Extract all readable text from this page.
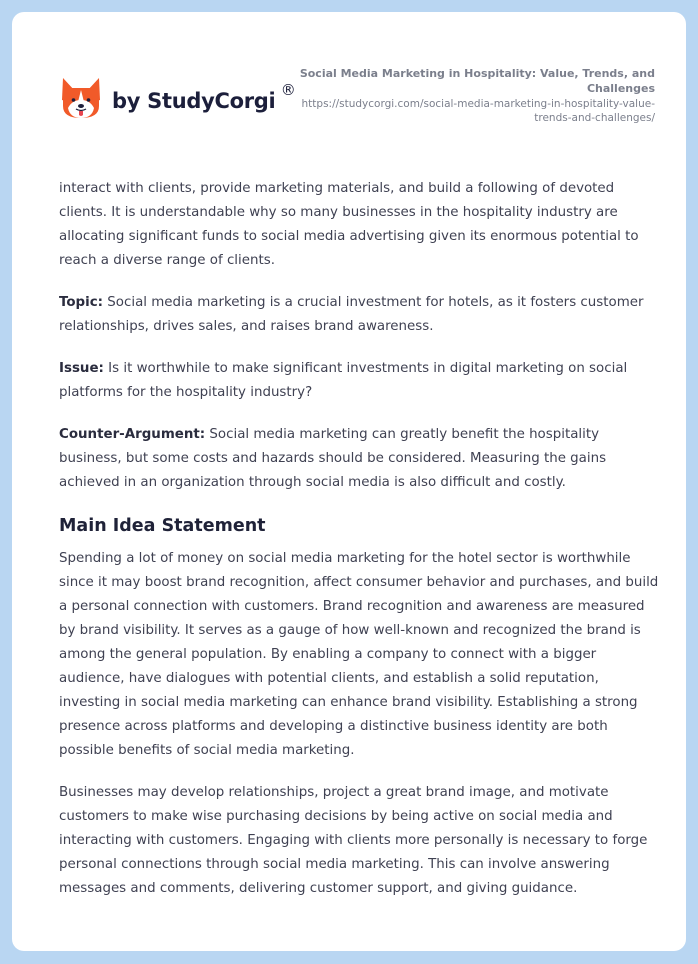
by StudyCorgi ®
Social Media Marketing in Hospitality: Value, Trends, and Challenges
https://studycorgi.com/social-media-marketing-in-hospitality-value-trends-and-challenges/

interact with clients, provide marketing materials, and build a following of devoted clients. It is understandable why so many businesses in the hospitality industry are allocating significant funds to social media advertising given its enormous potential to reach a diverse range of clients.

Topic: Social media marketing is a crucial investment for hotels, as it fosters customer relationships, drives sales, and raises brand awareness.

Issue: Is it worthwhile to make significant investments in digital marketing on social platforms for the hospitality industry?

Counter-Argument: Social media marketing can greatly benefit the hospitality business, but some costs and hazards should be considered. Measuring the gains achieved in an organization through social media is also difficult and costly.

Main Idea Statement

Spending a lot of money on social media marketing for the hotel sector is worthwhile since it may boost brand recognition, affect consumer behavior and purchases, and build a personal connection with customers. Brand recognition and awareness are measured by brand visibility. It serves as a gauge of how well-known and recognized the brand is among the general population. By enabling a company to connect with a bigger audience, have dialogues with potential clients, and establish a solid reputation, investing in social media marketing can enhance brand visibility. Establishing a strong presence across platforms and developing a distinctive business identity are both possible benefits of social media marketing.

Businesses may develop relationships, project a great brand image, and motivate customers to make wise purchasing decisions by being active on social media and interacting with customers. Engaging with clients more personally is necessary to forge personal connections through social media marketing. This can involve answering messages and comments, delivering customer support, and giving guidance.
